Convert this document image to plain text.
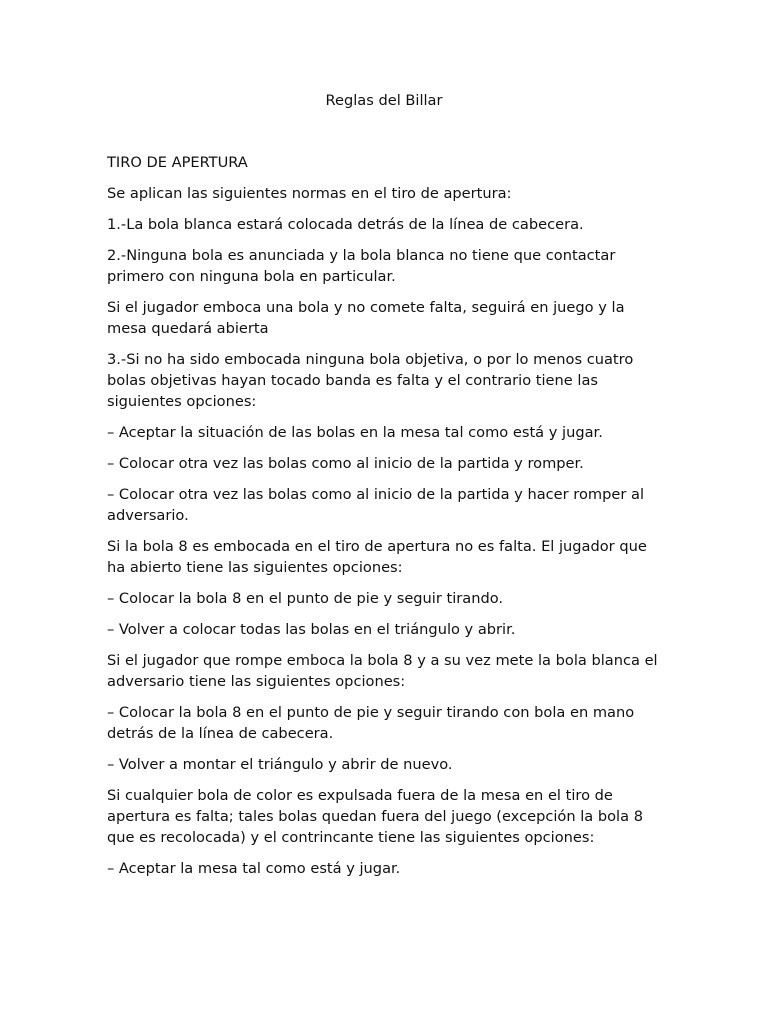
Reglas del Billar

TIRO DE APERTURA

Se aplican las siguientes normas en el tiro de apertura:

1.-La bola blanca estará colocada detrás de la línea de cabecera.

2.-Ninguna bola es anunciada y la bola blanca no tiene que contactar primero con ninguna bola en particular.

Si el jugador emboca una bola y no comete falta, seguirá en juego y la mesa quedará abierta

3.-Si no ha sido embocada ninguna bola objetiva, o por lo menos cuatro bolas objetivas hayan tocado banda es falta y el contrario tiene las siguientes opciones:

– Aceptar la situación de las bolas en la mesa tal como está y jugar.

– Colocar otra vez las bolas como al inicio de la partida y romper.

– Colocar otra vez las bolas como al inicio de la partida y hacer romper al adversario.

Si la bola 8 es embocada en el tiro de apertura no es falta. El jugador que ha abierto tiene las siguientes opciones:

– Colocar la bola 8 en el punto de pie y seguir tirando.

– Volver a colocar todas las bolas en el triángulo y abrir.

Si el jugador que rompe emboca la bola 8 y a su vez mete la bola blanca el adversario tiene las siguientes opciones:

– Colocar la bola 8 en el punto de pie y seguir tirando con bola en mano detrás de la línea de cabecera.

– Volver a montar el triángulo y abrir de nuevo.

Si cualquier bola de color es expulsada fuera de la mesa en el tiro de apertura es falta; tales bolas quedan fuera del juego (excepción la bola 8 que es recolocada) y el contrincante tiene las siguientes opciones:

– Aceptar la mesa tal como está y jugar.
